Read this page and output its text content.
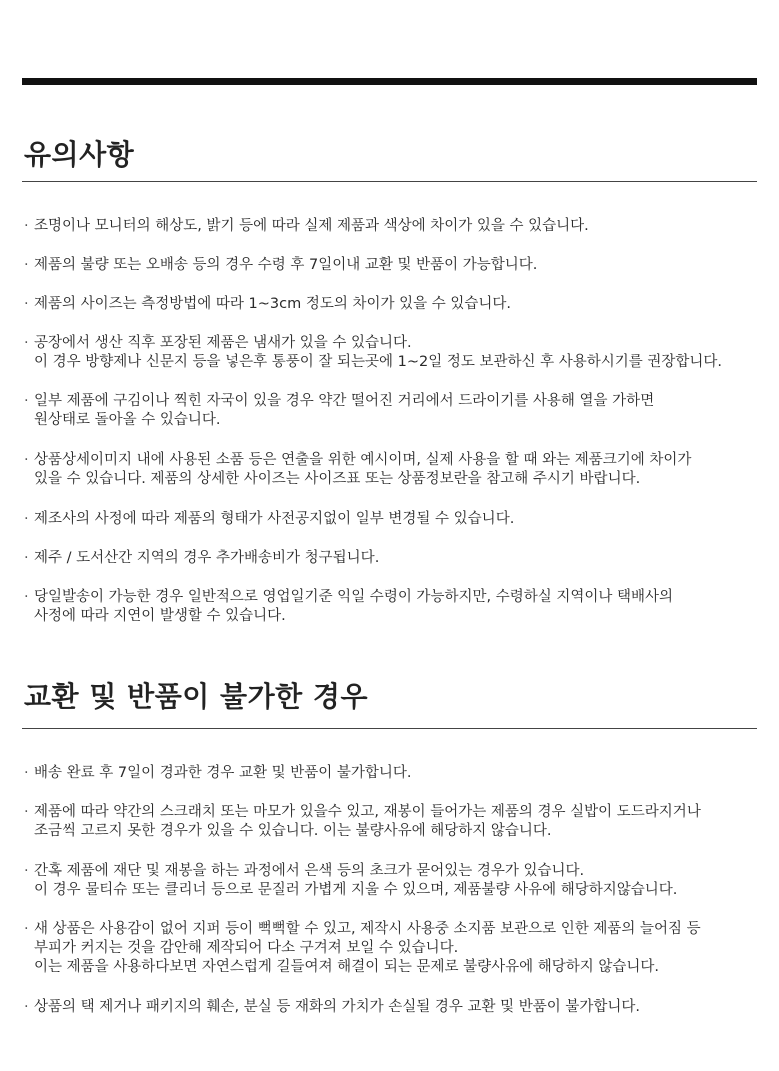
유의사항
· 조명이나 모니터의 해상도, 밝기 등에 따라 실제 제품과 색상에 차이가 있을 수 있습니다.
· 제품의 불량 또는 오배송 등의 경우 수령 후 7일이내 교환 및 반품이 가능합니다.
· 제품의 사이즈는 측정방법에 따라 1~3cm 정도의 차이가 있을 수 있습니다.
· 공장에서 생산 직후 포장된 제품은 냄새가 있을 수 있습니다.
이 경우 방향제나 신문지 등을 넣은후 통풍이 잘 되는곳에 1~2일 정도 보관하신 후 사용하시기를 권장합니다.
· 일부 제품에 구김이나 찍힌 자국이 있을 경우 약간 떨어진 거리에서 드라이기를 사용해 열을 가하면
원상태로 돌아올 수 있습니다.
· 상품상세이미지 내에 사용된 소품 등은 연출을 위한 예시이며, 실제 사용을 할 때 와는 제품크기에 차이가
있을 수 있습니다. 제품의 상세한 사이즈는 사이즈표 또는 상품정보란을 참고해 주시기 바랍니다.
· 제조사의 사정에 따라 제품의 형태가 사전공지없이 일부 변경될 수 있습니다.
· 제주 / 도서산간 지역의 경우 추가배송비가 청구됩니다.
· 당일발송이 가능한 경우 일반적으로 영업일기준 익일 수령이 가능하지만, 수령하실 지역이나 택배사의
사정에 따라 지연이 발생할 수 있습니다.
교환 및 반품이 불가한 경우
· 배송 완료 후 7일이 경과한 경우 교환 및 반품이 불가합니다.
· 제품에 따라 약간의 스크래치 또는 마모가 있을수 있고, 재봉이 들어가는 제품의 경우 실밥이 도드라지거나
조금씩 고르지 못한 경우가 있을 수 있습니다. 이는 불량사유에 해당하지 않습니다.
· 간혹 제품에 재단 및 재봉을 하는 과정에서 은색 등의 초크가 묻어있는 경우가 있습니다.
이 경우 물티슈 또는 클리너 등으로 문질러 가볍게 지울 수 있으며, 제품불량 사유에 해당하지않습니다.
· 새 상품은 사용감이 없어 지퍼 등이 뻑뻑할 수 있고, 제작시 사용중 소지품 보관으로 인한 제품의 늘어짐 등
부피가 커지는 것을 감안해 제작되어 다소 구겨져 보일 수 있습니다.
이는 제품을 사용하다보면 자연스럽게 길들여져 해결이 되는 문제로 불량사유에 해당하지 않습니다.
· 상품의 택 제거나 패키지의 훼손, 분실 등 재화의 가치가 손실될 경우 교환 및 반품이 불가합니다.
